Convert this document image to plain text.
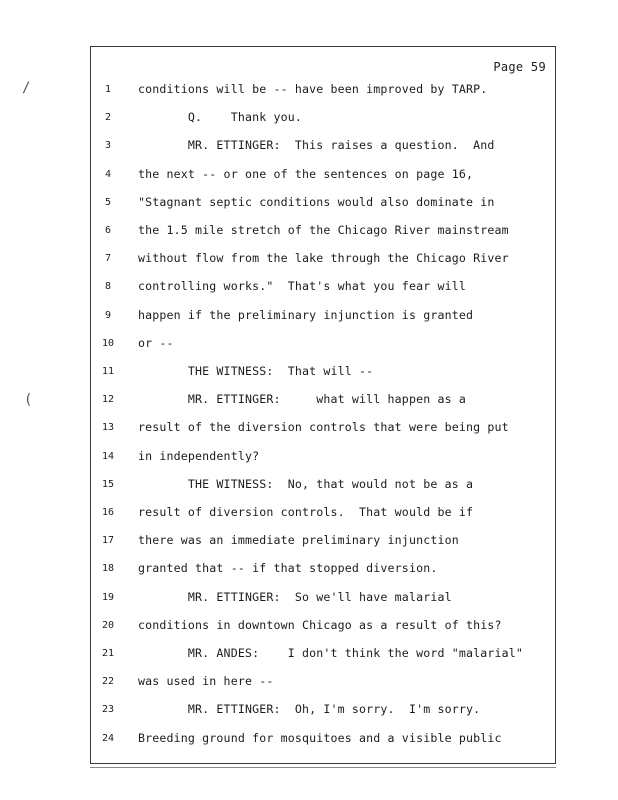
Page 59
1	conditions will be -- have been improved by TARP.
2	Q.    Thank you.
3	MR. ETTINGER:  This raises a question.  And
4	the next -- or one of the sentences on page 16,
5	"Stagnant septic conditions would also dominate in
6	the 1.5 mile stretch of the Chicago River mainstream
7	without flow from the lake through the Chicago River
8	controlling works."  That's what you fear will
9	happen if the preliminary injunction is granted
10	or --
11	THE WITNESS:  That will --
12	MR. ETTINGER:     what will happen as a
13	result of the diversion controls that were being put
14	in independently?
15	THE WITNESS:  No, that would not be as a
16	result of diversion controls.  That would be if
17	there was an immediate preliminary injunction
18	granted that -- if that stopped diversion.
19	MR. ETTINGER:  So we'll have malarial
20	conditions in downtown Chicago as a result of this?
21	MR. ANDES:    I don't think the word "malarial"
22	was used in here --
23	MR. ETTINGER:  Oh, I'm sorry.  I'm sorry.
24	Breeding ground for mosquitoes and a visible public
/
(
